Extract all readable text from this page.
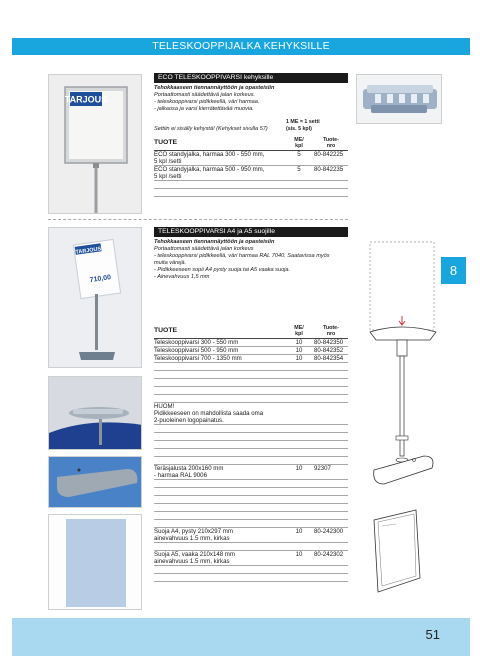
TELESKOOPPIJALKA KEHYKSILLE
TARJOUS
ECO TELESKOOPPIVARSI kehyksille
Tehokkaaseen tiennannäyttöön ja opasteisiin
Portaattomasti säädettävä jalan korkeus.
- teleskooppivarsi pidikkeellä, väri harmaa.
- jalkaosa ja varsi kierrätettävää muovia.
Settiin ei sisälly kehystä! (Kehykset sivulla 57)
1 ME = 1 setti
(sis. 5 kpl)
TUOTE	ME/
kpl
Tuote-
nro
ECO standyjalka, harmaa 300 - 550 mm,
5 kpl /setti
5	80-842225
ECO standyjalka, harmaa 500 - 950 mm,
5 kpl /setti
5	80-842235
TARJOUS
710,00
TELESKOOPPIVARSI A4 ja A5 suojille
Tehokkaaseen tiennannäyttöön ja opasteisiin
Portaattomasti säädettävä jalan korkeus
- teleskooppivarsi pidikkeellä, väri harmaa RAL 7040. Saatavissa myös
muita värejä.
- Pidikkeeseen sopii A4 pysty suoja tai A5 vaaka suoja.
- Ainevahvuus 1,5 mm
TUOTE	ME/
kpl
Tuote-
nro
Teleskooppivarsi 300 - 550 mm	10	80-842350
Teleskooppivarsi 500 - 950 mm	10	80-842352
Teleskooppivarsi 700 - 1350 mm	10	80-842354
HUOM!
Pidikkeeseen on mahdollista saada oma
2-puoleinen logopainatus.
Teräsjalusta 200x160 mm
- harmaa RAL 9006
10	92307
Suoja A4, pysty 210x297 mm
ainevahvuus 1.5 mm, kirkas
10	80-242300
Suoja A5, vaaka 210x148 mm
ainevahvuus 1.5 mm, kirkas
10	80-242302
8
51
